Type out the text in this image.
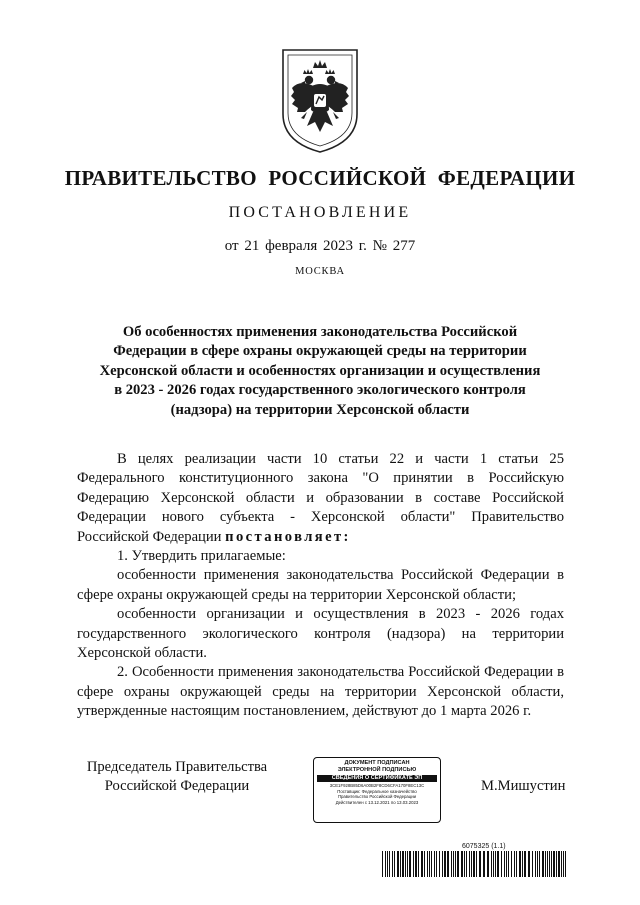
ПРАВИТЕЛЬСТВО РОССИЙСКОЙ ФЕДЕРАЦИИ
ПОСТАНОВЛЕНИЕ
от 21 февраля 2023 г. № 277
МОСКВА
Об особенностях применения законодательства Российской Федерации в сфере охраны окружающей среды на территории Херсонской области и особенностях организации и осуществления в 2023 - 2026 годах государственного экологического контроля (надзора) на территории Херсонской области

В целях реализации части 10 статьи 22 и части 1 статьи 25 Федерального конституционного закона "О принятии в Российскую Федерацию Херсонской области и образовании в составе Российской Федерации нового субъекта - Херсонской области" Правительство Российской Федерации постановляет:

1. Утвердить прилагаемые:

особенности применения законодательства Российской Федерации в сфере охраны окружающей среды на территории Херсонской области;

особенности организации и осуществления в 2023 - 2026 годах государственного экологического контроля (надзора) на территории Херсонской области.

2. Особенности применения законодательства Российской Федерации в сфере охраны окружающей среды на территории Херсонской области, утвержденные настоящим постановлением, действуют до 1 марта 2026 г.

Председатель Правительства
Российской Федерации
ДОКУМЕНТ ПОДПИСАН
ЭЛЕКТРОННОЙ ПОДПИСЬЮ
СВЕДЕНИЯ О СЕРТИФИКАТЕ ЭП
3CE1F928B85D6A00B2F8CD6CFA170F8EC13C
Поставщик: Федеральное казначейство
Правительство Российской Федерации
Действителен с 13.12.2021 по 13.03.2023
М.Мишустин
6075325 (1.1)
